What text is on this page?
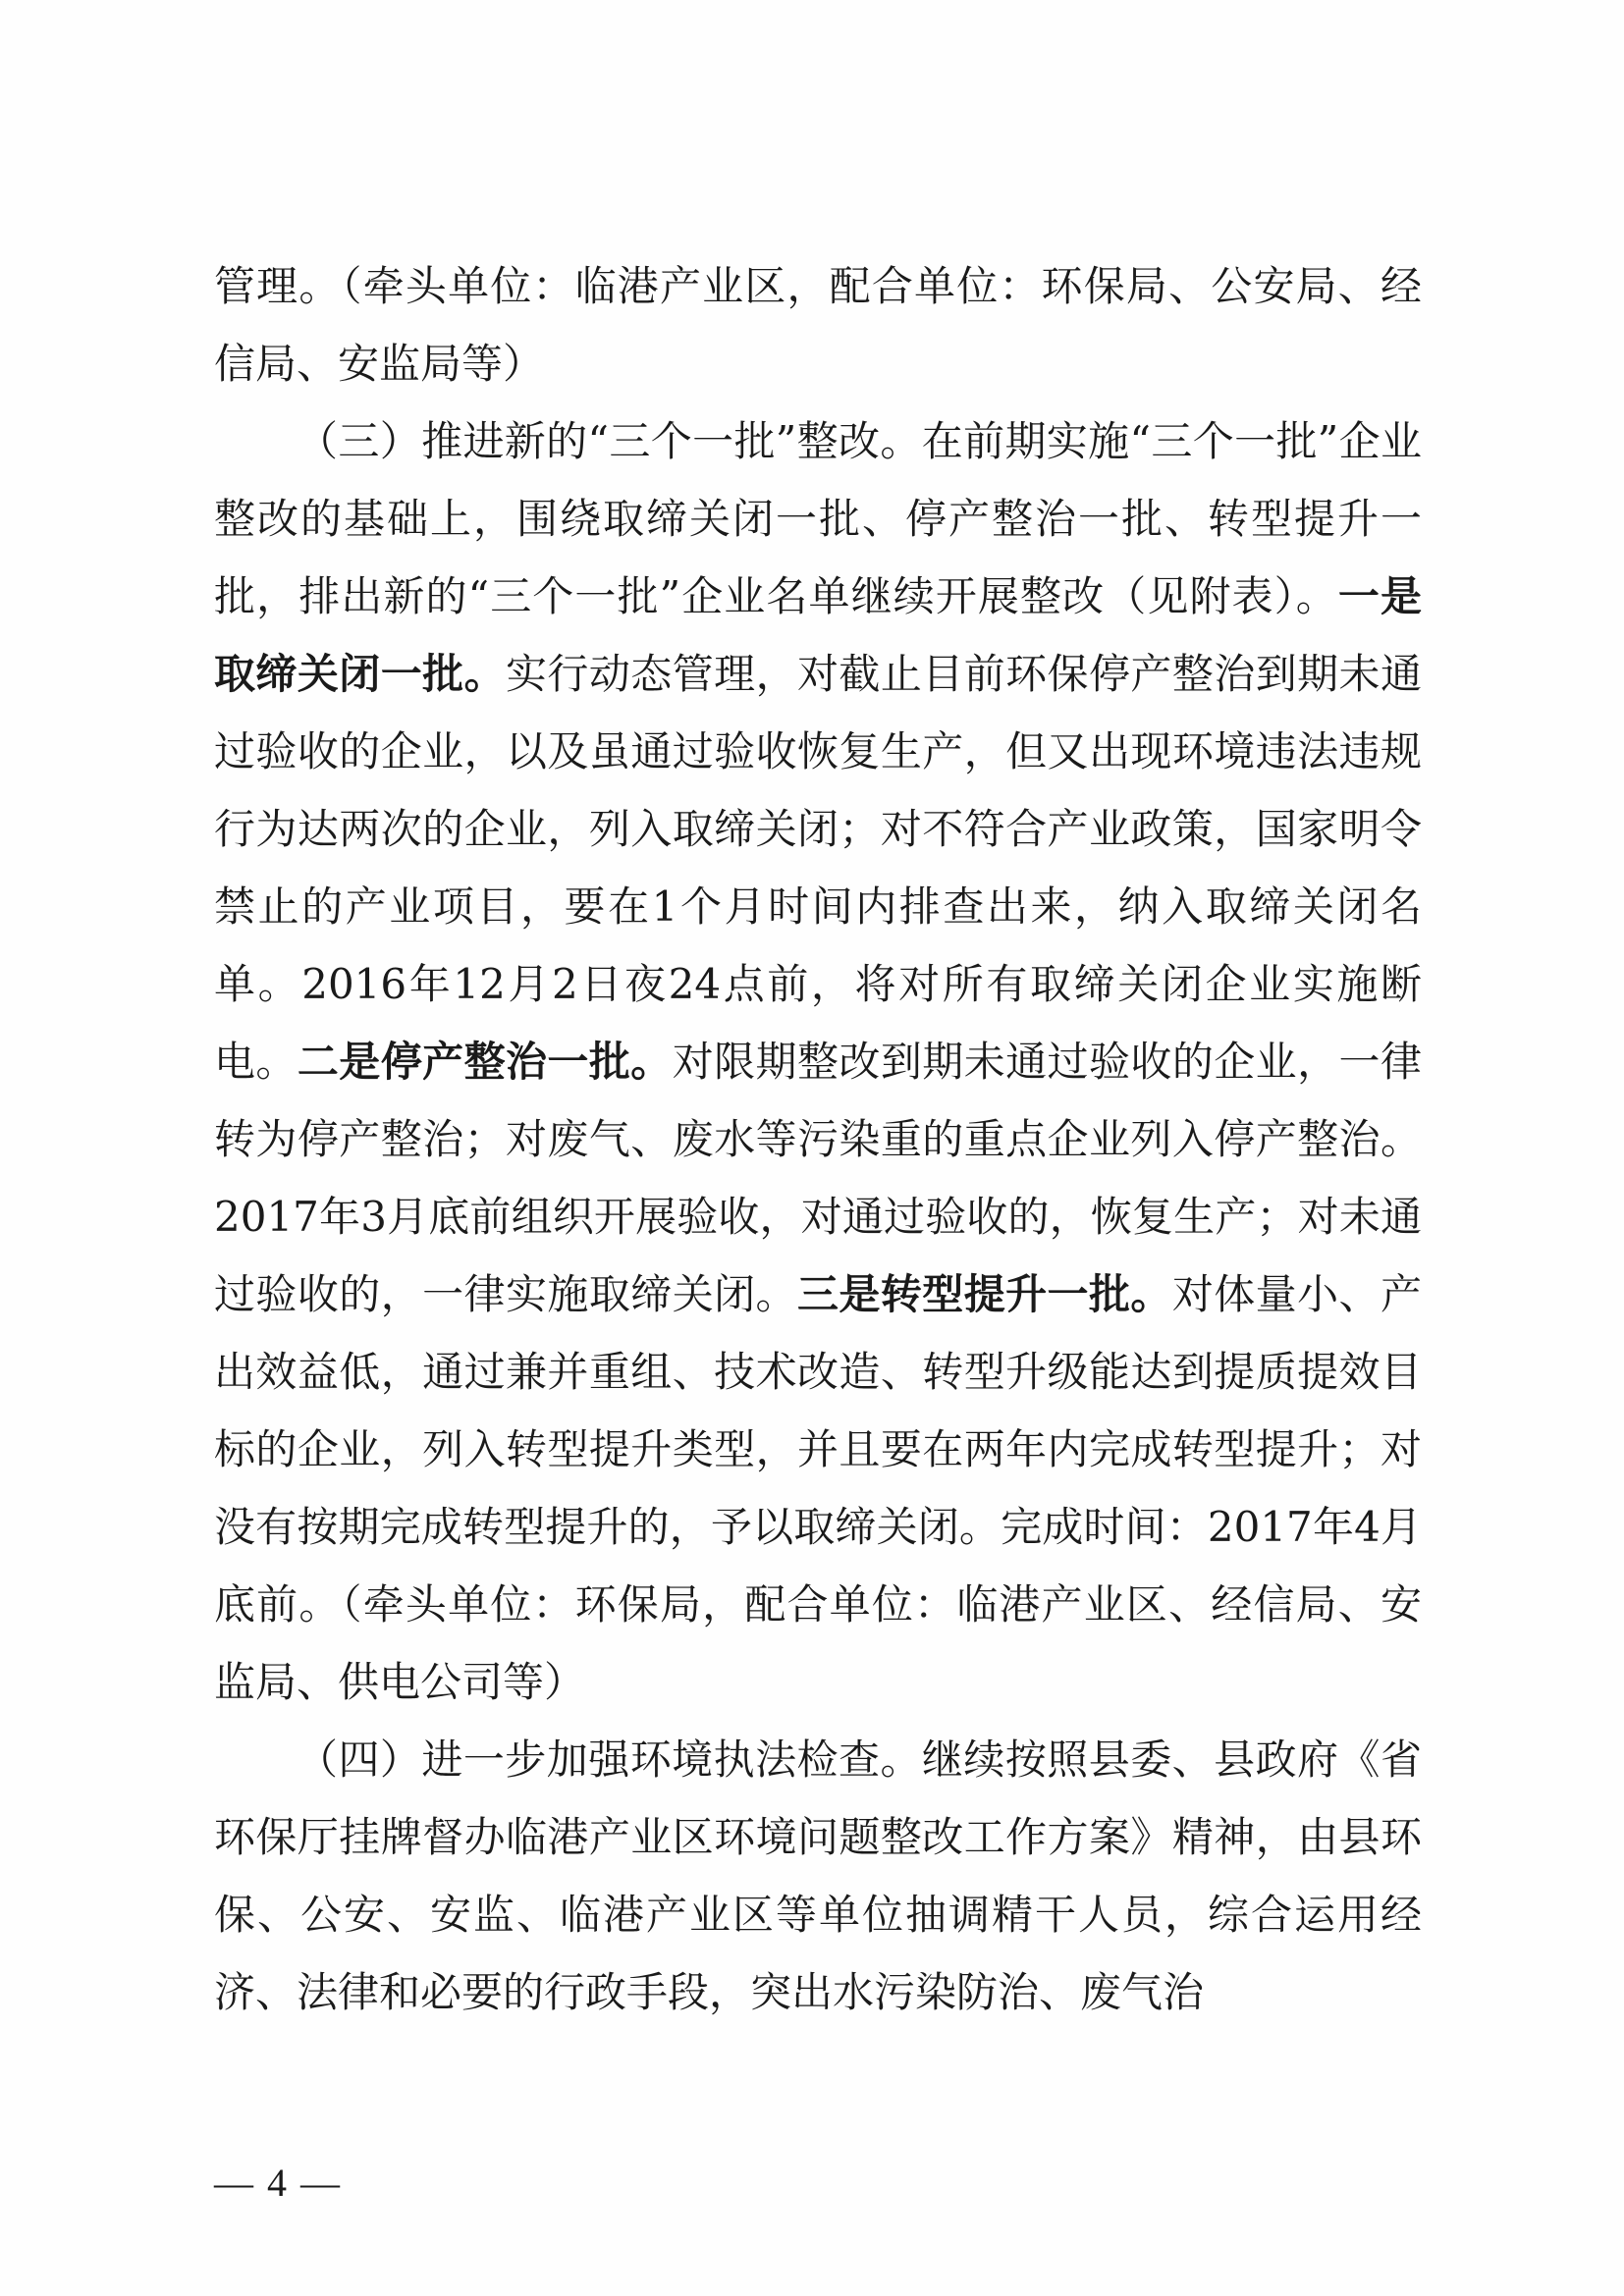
管理。（牵头单位：临港产业区，配合单位：环保局、公安局、经信局、安监局等）

（三）推进新的“三个一批”整改。在前期实施“三个一批”企业整改的基础上，围绕取缔关闭一批、停产整治一批、转型提升一批，排出新的“三个一批”企业名单继续开展整改（见附表）。一是取缔关闭一批。实行动态管理，对截止目前环保停产整治到期未通过验收的企业，以及虽通过验收恢复生产，但又出现环境违法违规行为达两次的企业，列入取缔关闭；对不符合产业政策，国家明令禁止的产业项目，要在1个月时间内排查出来，纳入取缔关闭名单。2016年12月2日夜24点前，将对所有取缔关闭企业实施断电。二是停产整治一批。对限期整改到期未通过验收的企业，一律转为停产整治；对废气、废水等污染重的重点企业列入停产整治。2017年3月底前组织开展验收，对通过验收的，恢复生产；对未通过验收的，一律实施取缔关闭。三是转型提升一批。对体量小、产出效益低，通过兼并重组、技术改造、转型升级能达到提质提效目标的企业，列入转型提升类型，并且要在两年内完成转型提升；对没有按期完成转型提升的，予以取缔关闭。完成时间：2017年4月底前。（牵头单位：环保局，配合单位：临港产业区、经信局、安监局、供电公司等）

（四）进一步加强环境执法检查。继续按照县委、县政府《省环保厅挂牌督办临港产业区环境问题整改工作方案》精神，由县环保、公安、安监、临港产业区等单位抽调精干人员，综合运用经济、法律和必要的行政手段，突出水污染防治、废气治

— 4 —
